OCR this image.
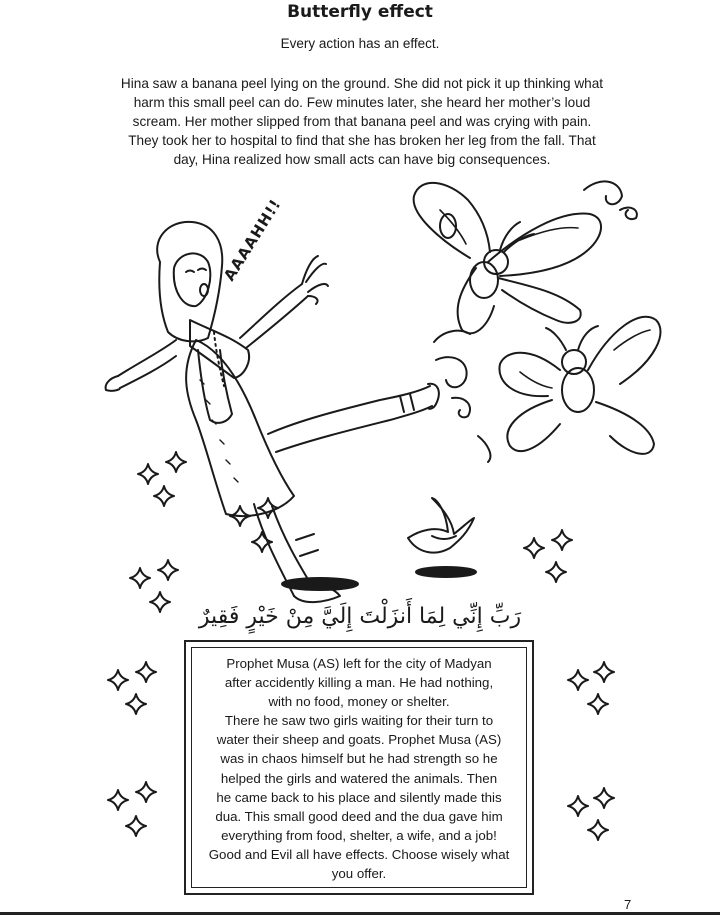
Butterfly effect
Every action has an effect.
Hina saw a banana peel lying on the ground. She did not pick it up thinking what
harm this small peel can do. Few minutes later, she heard her mother’s loud
scream. Her mother slipped from that banana peel and was crying with pain.
They took her to hospital to find that she has broken her leg from the fall. That
day, Hina realized how small acts can have big consequences.
AAAAHH!!
رَبِّ إِنِّي لِمَا أَنزَلْتَ إِلَيَّ مِنْ خَيْرٍ فَقِيرٌ
Prophet Musa (AS) left for the city of Madyan
after accidently killing a man. He had nothing,
with no food, money or shelter.
There he saw two girls waiting for their turn to
water their sheep and goats. Prophet Musa (AS)
was in chaos himself but he had strength so he
helped the girls and watered the animals. Then
he came back to his place and silently made this
dua. This small good deed and the dua gave him
everything from food, shelter, a wife, and a job!
Good and Evil all have effects. Choose wisely what
you offer.
7
